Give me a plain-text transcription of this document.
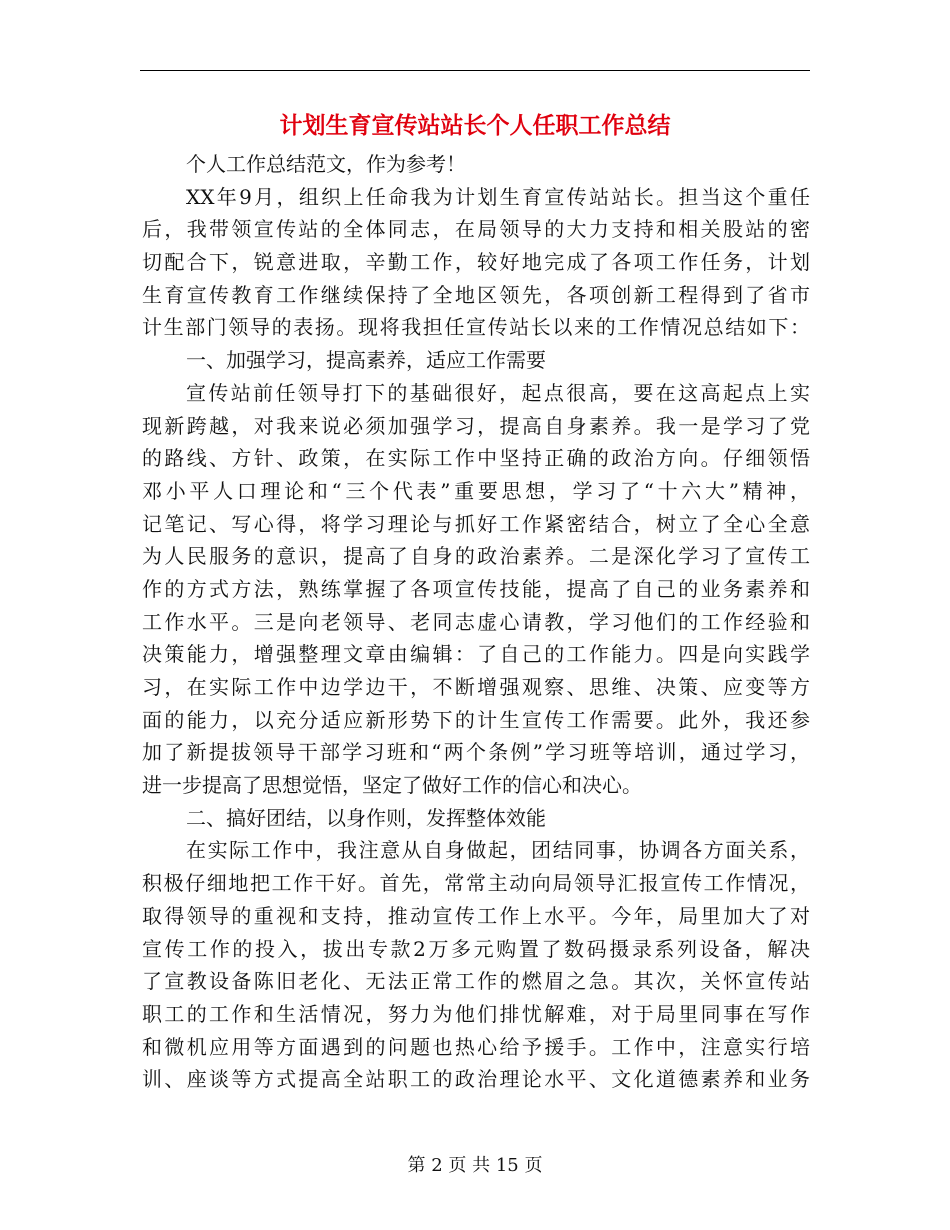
计划生育宣传站站长个人任职工作总结
个人工作总结范文，作为参考！
XX年9月，组织上任命我为计划生育宣传站站长。担当这个重任
后，我带领宣传站的全体同志，在局领导的大力支持和相关股站的密
切配合下，锐意进取，辛勤工作，较好地完成了各项工作任务，计划
生育宣传教育工作继续保持了全地区领先，各项创新工程得到了省市
计生部门领导的表扬。现将我担任宣传站长以来的工作情况总结如下：
一、加强学习，提高素养，适应工作需要
宣传站前任领导打下的基础很好，起点很高，要在这高起点上实
现新跨越，对我来说必须加强学习，提高自身素养。我一是学习了党
的路线、方针、政策，在实际工作中坚持正确的政治方向。仔细领悟
邓小平人口理论和“三个代表”重要思想，学习了“十六大”精神，
记笔记、写心得，将学习理论与抓好工作紧密结合，树立了全心全意
为人民服务的意识，提高了自身的政治素养。二是深化学习了宣传工
作的方式方法，熟练掌握了各项宣传技能，提高了自己的业务素养和
工作水平。三是向老领导、老同志虚心请教，学习他们的工作经验和
决策能力，增强整理文章由编辑：了自己的工作能力。四是向实践学
习，在实际工作中边学边干，不断增强观察、思维、决策、应变等方
面的能力，以充分适应新形势下的计生宣传工作需要。此外，我还参
加了新提拔领导干部学习班和“两个条例”学习班等培训，通过学习，
进一步提高了思想觉悟，坚定了做好工作的信心和决心。
二、搞好团结，以身作则，发挥整体效能
在实际工作中，我注意从自身做起，团结同事，协调各方面关系，
积极仔细地把工作干好。首先，常常主动向局领导汇报宣传工作情况，
取得领导的重视和支持，推动宣传工作上水平。今年，局里加大了对
宣传工作的投入，拔出专款2万多元购置了数码摄录系列设备，解决
了宣教设备陈旧老化、无法正常工作的燃眉之急。其次，关怀宣传站
职工的工作和生活情况，努力为他们排忧解难，对于局里同事在写作
和微机应用等方面遇到的问题也热心给予援手。工作中，注意实行培
训、座谈等方式提高全站职工的政治理论水平、文化道德素养和业务
第 2 页 共 15 页
